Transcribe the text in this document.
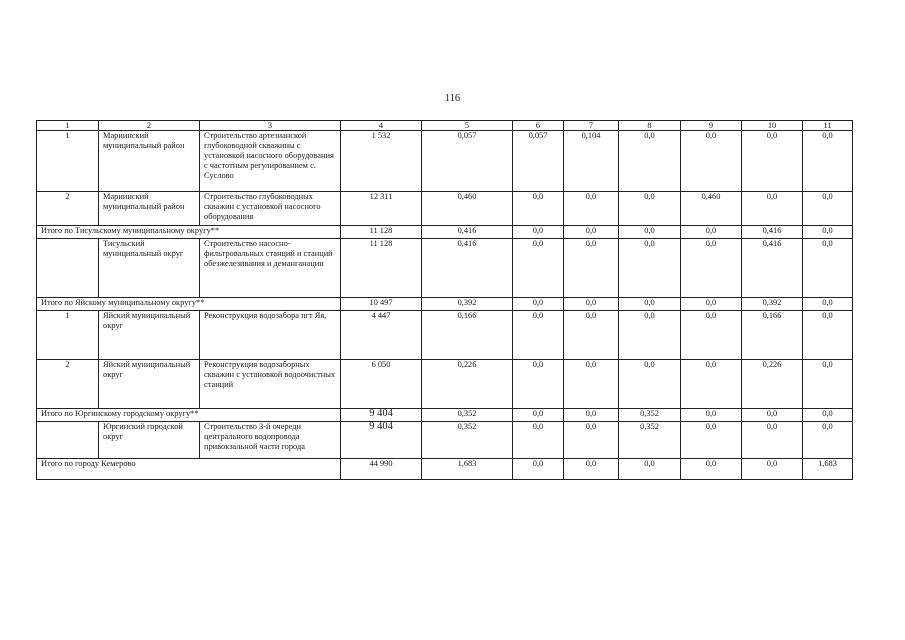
116
1	2	3	4	5	6	7	8	9	10	11
1	Мариинский муниципальный район	Строительство артезианской глубоководной скважины с установкой насосного оборудования с частотным регулированием с. Суслово	1 532	0,057	0,057	0,104	0,0	0,0	0,0	0,0
2	Мариинский муниципальный район	Строительство глубоководных скважин с установкой насосного оборудования	12 311	0,460	0,0	0,0	0,0	0,460	0,0	0,0
Итого по Тисульскому муниципальному округу**			11 128	0,416	0,0	0,0	0,0	0,0	0,416	0,0
	Тисульский муниципальный округ	Строительство насосно-фильтровальных станций и станций обезжелезивания и деманганации	11 128	0,416	0,0	0,0	0,0	0,0	0,416	0,0
Итого по Яйскому муниципальному округу**			10 497	0,392	0,0	0,0	0,0	0,0	0,392	0,0
1	Яйский муниципальный округ	Реконструкция водозабора пгт Яя,	4 447	0,166	0,0	0,0	0,0	0,0	0,166	0,0
2	Яйский муниципальный округ	Реконструкция водозаборных скважин с установкой водоочистных станций	6 050	0,226	0,0	0,0	0,0	0,0	0,226	0,0
Итого по Юргинскому городскому округу**			9 404	0,352	0,0	0,0	0,352	0,0	0,0	0,0
	Юргинский городской округ	Строительство 3-й очереди центрального водопровода привокзальной части города	9 404	0,352	0,0	0,0	0,352	0,0	0,0	0,0
Итого по городу Кемерово			44 990	1,683	0,0	0,0	0,0	0,0	0,0	1,683
